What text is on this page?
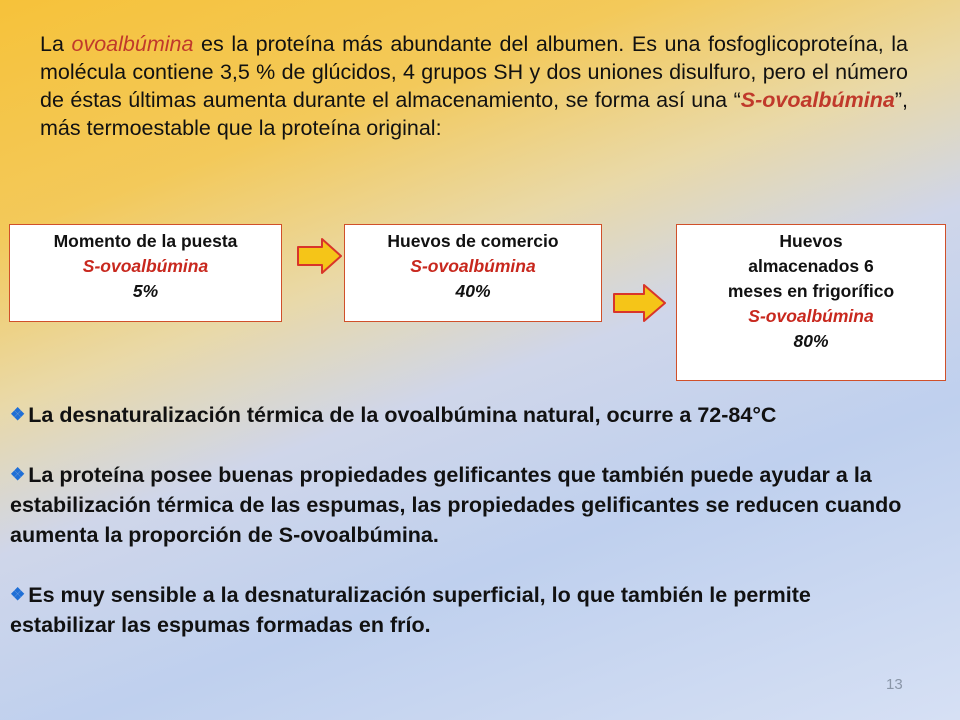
La ovoalbúmina es la proteína más abundante del albumen. Es una fosfoglicoproteína, la molécula contiene 3,5 % de glúcidos, 4 grupos SH y dos uniones disulfuro, pero el número de éstas últimas aumenta durante el almacenamiento, se forma así una “S-ovoalbúmina”, más termoestable que la proteína original:

Momento de la puesta
S-ovoalbúmina
5%
Huevos de comercio
S-ovoalbúmina
40%
Huevos
almacenados 6
meses en frigorífico
S-ovoalbúmina
80%

❖ La desnaturalización térmica de la ovoalbúmina natural, ocurre a 72-84°C

❖ La proteína posee buenas propiedades gelificantes que también puede ayudar a la estabilización térmica de las espumas, las propiedades gelificantes se reducen cuando aumenta la proporción de S-ovoalbúmina.

❖ Es muy sensible a la desnaturalización superficial, lo que también le permite estabilizar las espumas formadas en frío.

13
